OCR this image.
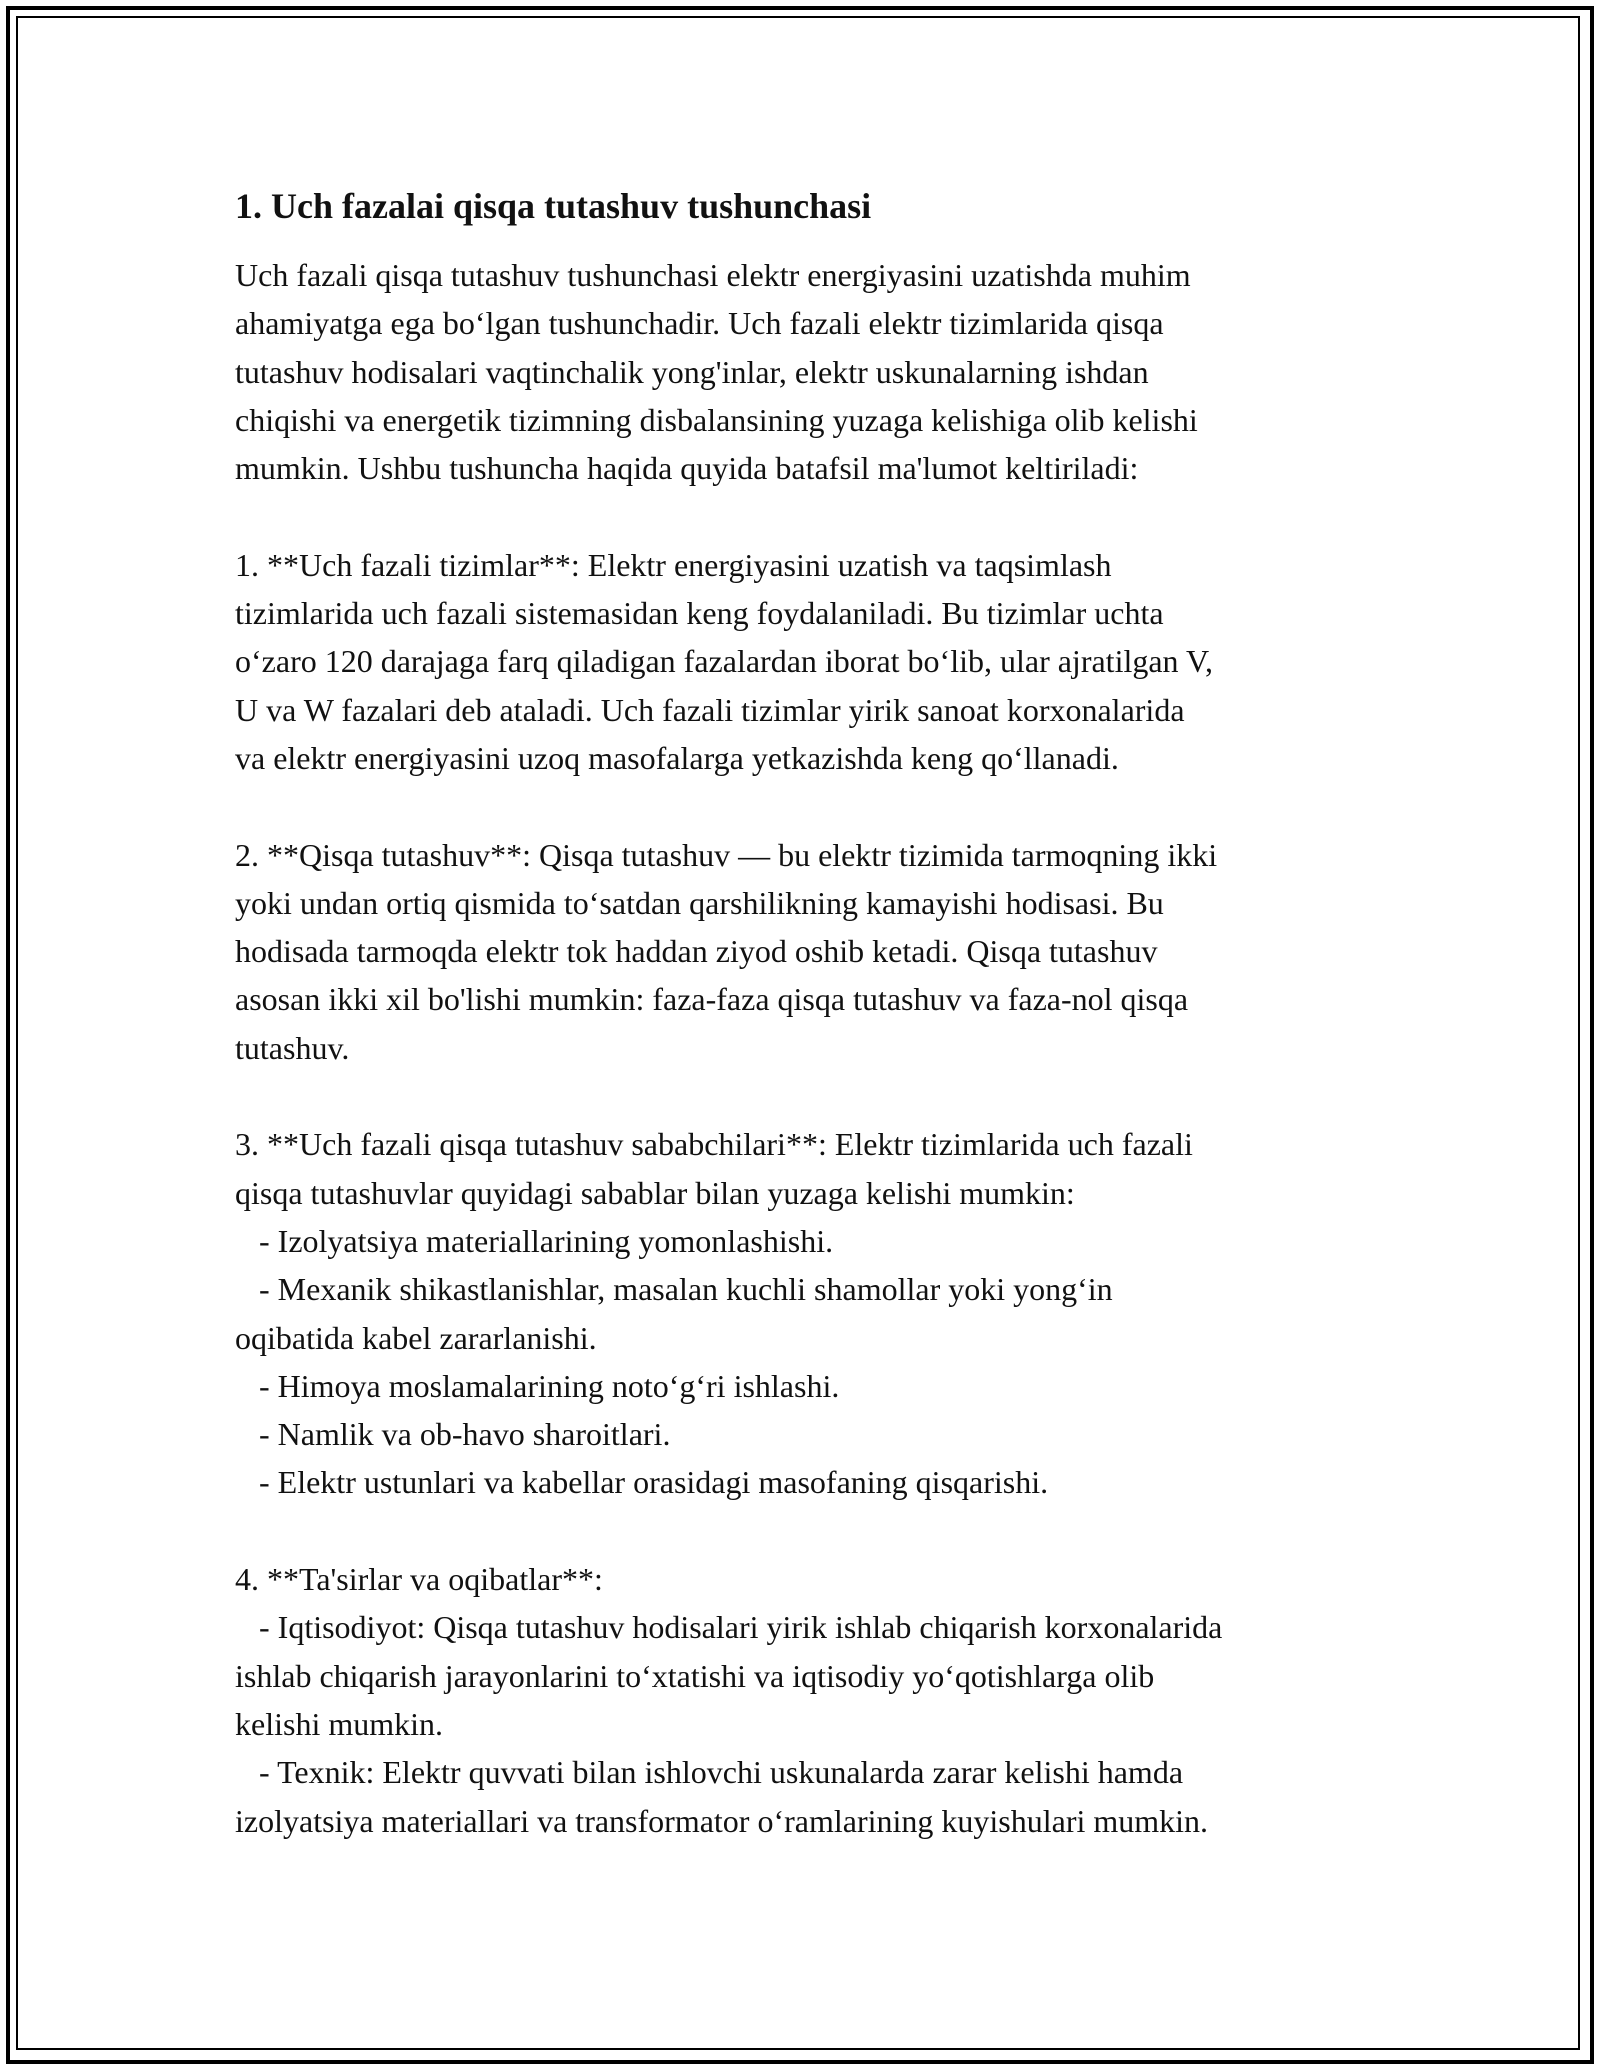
1. Uch fazalai qisqa tutashuv tushunchasi
Uch fazali qisqa tutashuv tushunchasi elektr energiyasini uzatishda muhim
ahamiyatga ega boʻlgan tushunchadir. Uch fazali elektr tizimlarida qisqa
tutashuv hodisalari vaqtinchalik yong'inlar, elektr uskunalarning ishdan
chiqishi va energetik tizimning disbalansining yuzaga kelishiga olib kelishi
mumkin. Ushbu tushuncha haqida quyida batafsil ma'lumot keltiriladi:
1. **Uch fazali tizimlar**: Elektr energiyasini uzatish va taqsimlash
tizimlarida uch fazali sistemasidan keng foydalaniladi. Bu tizimlar uchta
oʻzaro 120 darajaga farq qiladigan fazalardan iborat boʻlib, ular ajratilgan V,
U va W fazalari deb ataladi. Uch fazali tizimlar yirik sanoat korxonalarida
va elektr energiyasini uzoq masofalarga yetkazishda keng qoʻllanadi.
2. **Qisqa tutashuv**: Qisqa tutashuv — bu elektr tizimida tarmoqning ikki
yoki undan ortiq qismida toʻsatdan qarshilikning kamayishi hodisasi. Bu
hodisada tarmoqda elektr tok haddan ziyod oshib ketadi. Qisqa tutashuv
asosan ikki xil bo'lishi mumkin: faza-faza qisqa tutashuv va faza-nol qisqa
tutashuv.
3. **Uch fazali qisqa tutashuv sababchilari**: Elektr tizimlarida uch fazali
qisqa tutashuvlar quyidagi sabablar bilan yuzaga kelishi mumkin:
- Izolyatsiya materiallarining yomonlashishi.
- Mexanik shikastlanishlar, masalan kuchli shamollar yoki yongʻin
oqibatida kabel zararlanishi.
- Himoya moslamalarining notoʻgʻri ishlashi.
- Namlik va ob-havo sharoitlari.
- Elektr ustunlari va kabellar orasidagi masofaning qisqarishi.
4. **Ta'sirlar va oqibatlar**:
- Iqtisodiyot: Qisqa tutashuv hodisalari yirik ishlab chiqarish korxonalarida
ishlab chiqarish jarayonlarini toʻxtatishi va iqtisodiy yoʻqotishlarga olib
kelishi mumkin.
- Texnik: Elektr quvvati bilan ishlovchi uskunalarda zarar kelishi hamda
izolyatsiya materiallari va transformator oʻramlarining kuyishulari mumkin.
